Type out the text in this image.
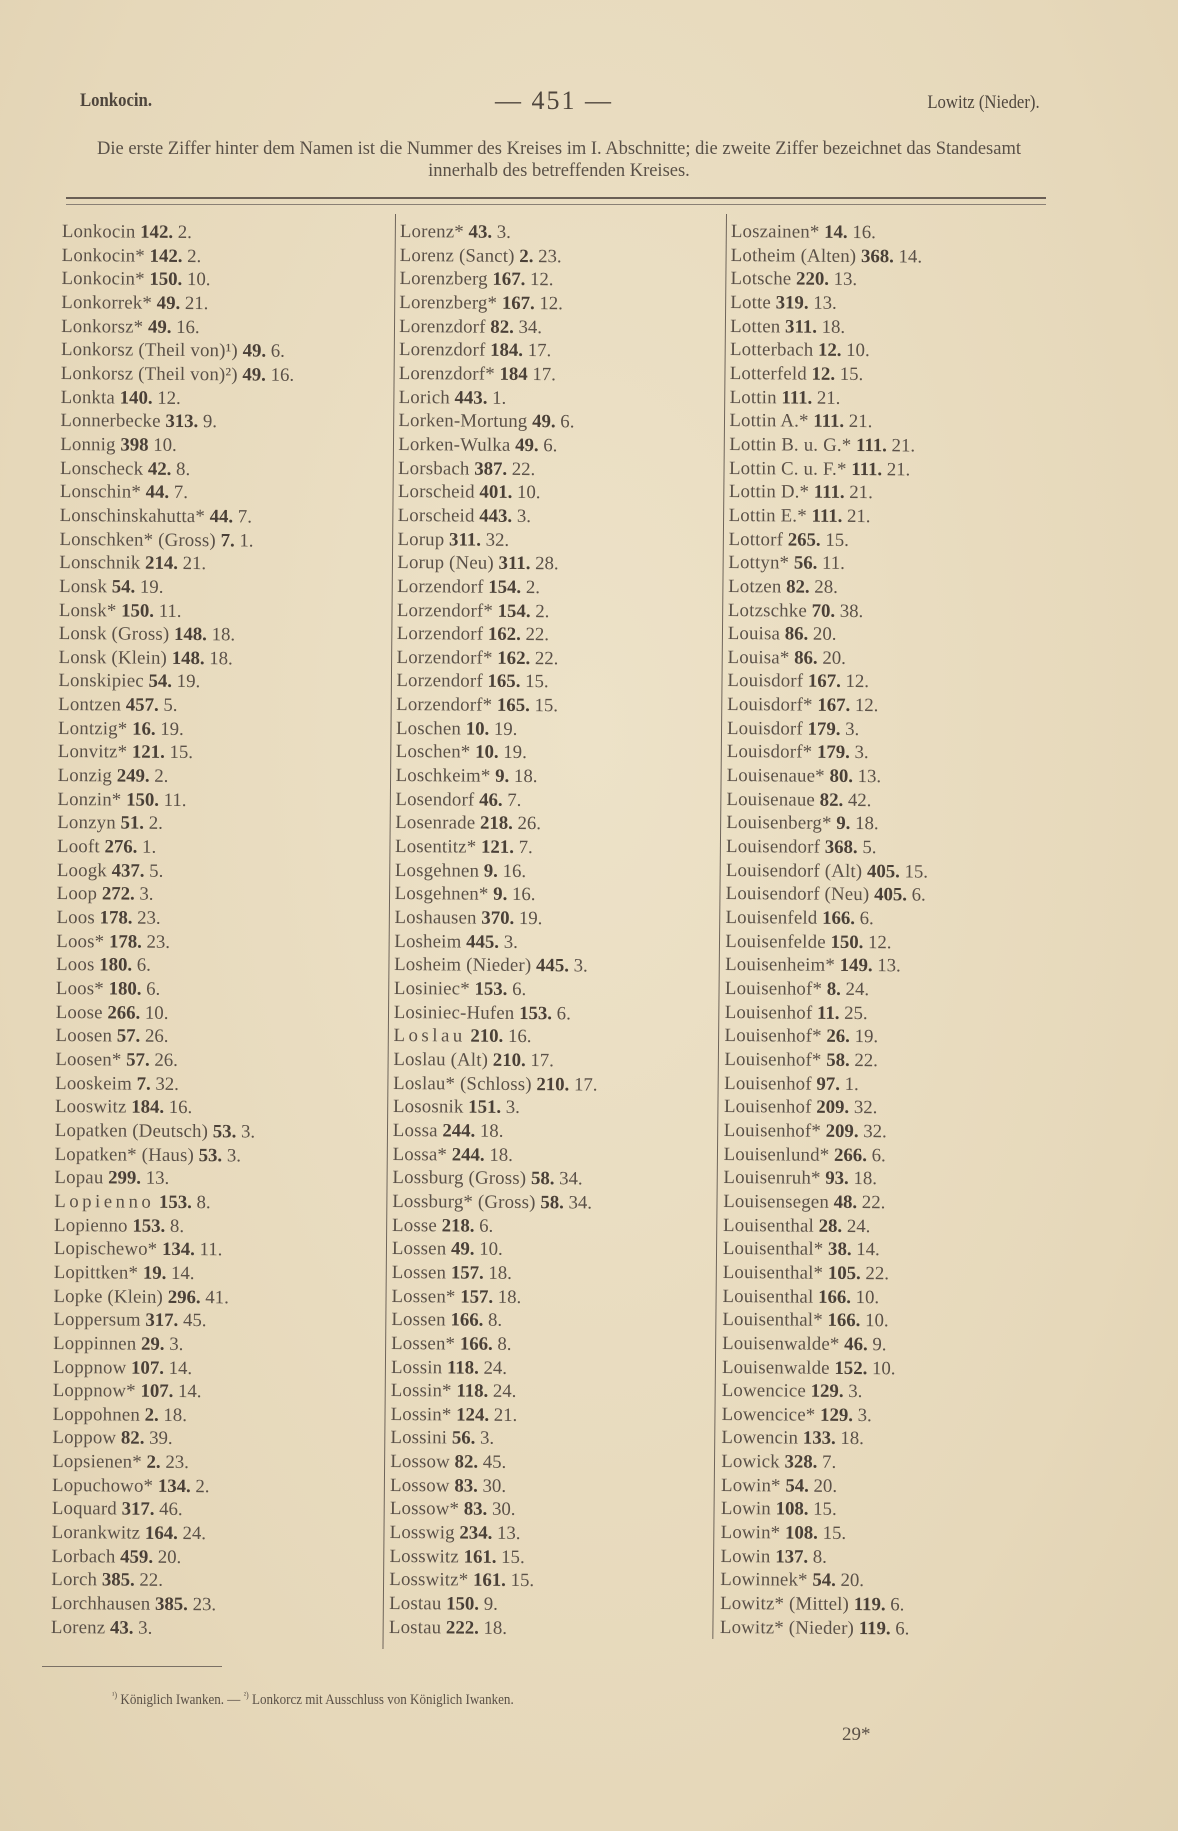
Lonkocin.	— 451 —	Lowitz (Nieder).
Die erste Ziffer hinter dem Namen ist die Nummer des Kreises im I. Abschnitte; die zweite Ziffer bezeichnet das Standesamt innerhalb des betreffenden Kreises.
Lonkocin 142. 2.
Lonkocin* 142. 2.
Lonkocin* 150. 10.
Lonkorrek* 49. 21.
Lonkorsz* 49. 16.
Lonkorsz (Theil von)¹) 49. 6.
Lonkorsz (Theil von)²) 49. 16.
Lonkta 140. 12.
Lonnerbecke 313. 9.
Lonnig 398 10.
Lonscheck 42. 8.
Lonschin* 44. 7.
Lonschinskahutta* 44. 7.
Lonschken* (Gross) 7. 1.
Lonschnik 214. 21.
Lonsk 54. 19.
Lonsk* 150. 11.
Lonsk (Gross) 148. 18.
Lonsk (Klein) 148. 18.
Lonskipiec 54. 19.
Lontzen 457. 5.
Lontzig* 16. 19.
Lonvitz* 121. 15.
Lonzig 249. 2.
Lonzin* 150. 11.
Lonzyn 51. 2.
Looft 276. 1.
Loogk 437. 5.
Loop 272. 3.
Loos 178. 23.
Loos* 178. 23.
Loos 180. 6.
Loos* 180. 6.
Loose 266. 10.
Loosen 57. 26.
Loosen* 57. 26.
Looskeim 7. 32.
Looswitz 184. 16.
Lopatken (Deutsch) 53. 3.
Lopatken* (Haus) 53. 3.
Lopau 299. 13.
Lopienno 153. 8.
Lopienno 153. 8.
Lopischewo* 134. 11.
Lopittken* 19. 14.
Lopke (Klein) 296. 41.
Loppersum 317. 45.
Loppinnen 29. 3.
Loppnow 107. 14.
Loppnow* 107. 14.
Loppohnen 2. 18.
Loppow 82. 39.
Lopsienen* 2. 23.
Lopuchowo* 134. 2.
Loquard 317. 46.
Lorankwitz 164. 24.
Lorbach 459. 20.
Lorch 385. 22.
Lorchhausen 385. 23.
Lorenz 43. 3.
Lorenz* 43. 3.
Lorenz (Sanct) 2. 23.
Lorenzberg 167. 12.
Lorenzberg* 167. 12.
Lorenzdorf 82. 34.
Lorenzdorf 184. 17.
Lorenzdorf* 184 17.
Lorich 443. 1.
Lorken-Mortung 49. 6.
Lorken-Wulka 49. 6.
Lorsbach 387. 22.
Lorscheid 401. 10.
Lorscheid 443. 3.
Lorup 311. 32.
Lorup (Neu) 311. 28.
Lorzendorf 154. 2.
Lorzendorf* 154. 2.
Lorzendorf 162. 22.
Lorzendorf* 162. 22.
Lorzendorf 165. 15.
Lorzendorf* 165. 15.
Loschen 10. 19.
Loschen* 10. 19.
Loschkeim* 9. 18.
Losendorf 46. 7.
Losenrade 218. 26.
Losentitz* 121. 7.
Losgehnen 9. 16.
Losgehnen* 9. 16.
Loshausen 370. 19.
Losheim 445. 3.
Losheim (Nieder) 445. 3.
Losiniec* 153. 6.
Losiniec-Hufen 153. 6.
Loslau 210. 16.
Loslau (Alt) 210. 17.
Loslau* (Schloss) 210. 17.
Lososnik 151. 3.
Lossa 244. 18.
Lossa* 244. 18.
Lossburg (Gross) 58. 34.
Lossburg* (Gross) 58. 34.
Losse 218. 6.
Lossen 49. 10.
Lossen 157. 18.
Lossen* 157. 18.
Lossen 166. 8.
Lossen* 166. 8.
Lossin 118. 24.
Lossin* 118. 24.
Lossin* 124. 21.
Lossini 56. 3.
Lossow 82. 45.
Lossow 83. 30.
Lossow* 83. 30.
Losswig 234. 13.
Losswitz 161. 15.
Losswitz* 161. 15.
Lostau 150. 9.
Lostau 222. 18.
Loszainen* 14. 16.
Lotheim (Alten) 368. 14.
Lotsche 220. 13.
Lotte 319. 13.
Lotten 311. 18.
Lotterbach 12. 10.
Lotterfeld 12. 15.
Lottin 111. 21.
Lottin A.* 111. 21.
Lottin B. u. G.* 111. 21.
Lottin C. u. F.* 111. 21.
Lottin D.* 111. 21.
Lottin E.* 111. 21.
Lottorf 265. 15.
Lottyn* 56. 11.
Lotzen 82. 28.
Lotzschke 70. 38.
Louisa 86. 20.
Louisa* 86. 20.
Louisdorf 167. 12.
Louisdorf* 167. 12.
Louisdorf 179. 3.
Louisdorf* 179. 3.
Louisenaue* 80. 13.
Louisenaue 82. 42.
Louisenberg* 9. 18.
Louisendorf 368. 5.
Louisendorf (Alt) 405. 15.
Louisendorf (Neu) 405. 6.
Louisenfeld 166. 6.
Louisenfelde 150. 12.
Louisenheim* 149. 13.
Louisenhof* 8. 24.
Louisenhof 11. 25.
Louisenhof* 26. 19.
Louisenhof* 58. 22.
Louisenhof 97. 1.
Louisenhof 209. 32.
Louisenhof* 209. 32.
Louisenlund* 266. 6.
Louisenruh* 93. 18.
Louisensegen 48. 22.
Louisenthal 28. 24.
Louisenthal* 38. 14.
Louisenthal* 105. 22.
Louisenthal 166. 10.
Louisenthal* 166. 10.
Louisenwalde* 46. 9.
Louisenwalde 152. 10.
Lowencice 129. 3.
Lowencice* 129. 3.
Lowencin 133. 18.
Lowick 328. 7.
Lowin* 54. 20.
Lowin 108. 15.
Lowin* 108. 15.
Lowin 137. 8.
Lowinnek* 54. 20.
Lowitz* (Mittel) 119. 6.
Lowitz* (Nieder) 119. 6.
$^{^1)}$ Königlich Iwanken. — $^{^2)}$ Lonkorcz mit Ausschluss von Königlich Iwanken.
29*
